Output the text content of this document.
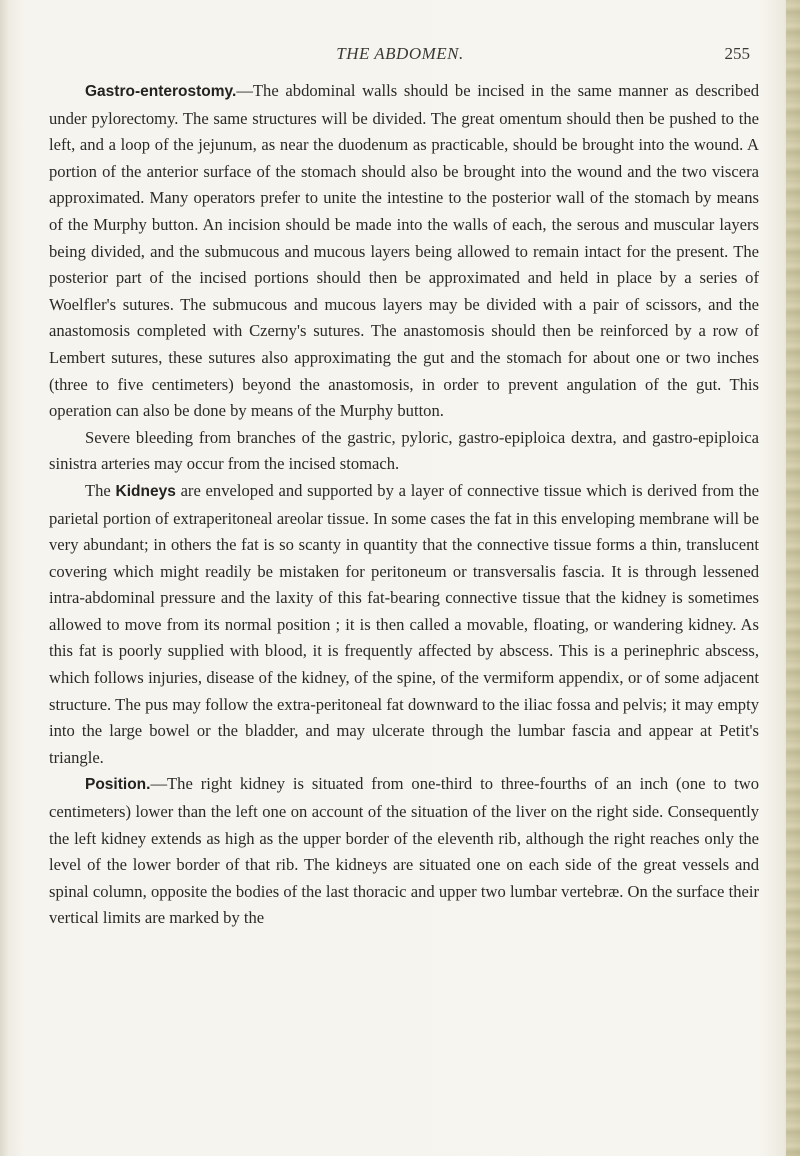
THE ABDOMEN.	255

Gastro-enterostomy.—The abdominal walls should be incised in the same manner as described under pylorectomy. The same structures will be divided. The great omentum should then be pushed to the left, and a loop of the jejunum, as near the duodenum as practicable, should be brought into the wound. A portion of the anterior surface of the stomach should also be brought into the wound and the two viscera approximated. Many operators prefer to unite the intestine to the posterior wall of the stomach by means of the Murphy button. An incision should be made into the walls of each, the serous and muscular layers being divided, and the submucous and mucous layers being allowed to remain intact for the present. The posterior part of the incised portions should then be approximated and held in place by a series of Woelfler's sutures. The submucous and mucous layers may be divided with a pair of scissors, and the anastomosis completed with Czerny's sutures. The anastomosis should then be reinforced by a row of Lembert sutures, these sutures also approximating the gut and the stomach for about one or two inches (three to five centimeters) beyond the anastomosis, in order to prevent angulation of the gut. This operation can also be done by means of the Murphy button.

Severe bleeding from branches of the gastric, pyloric, gastro-epiploica dextra, and gastro-epiploica sinistra arteries may occur from the incised stomach.

The Kidneys are enveloped and supported by a layer of connective tissue which is derived from the parietal portion of extraperitoneal areolar tissue. In some cases the fat in this enveloping membrane will be very abundant; in others the fat is so scanty in quantity that the connective tissue forms a thin, translucent covering which might readily be mistaken for peritoneum or transversalis fascia. It is through lessened intra-abdominal pressure and the laxity of this fat-bearing connective tissue that the kidney is sometimes allowed to move from its normal position ; it is then called a movable, floating, or wandering kidney. As this fat is poorly supplied with blood, it is frequently affected by abscess. This is a perinephric abscess, which follows injuries, disease of the kidney, of the spine, of the vermiform appendix, or of some adjacent structure. The pus may follow the extra-peritoneal fat downward to the iliac fossa and pelvis; it may empty into the large bowel or the bladder, and may ulcerate through the lumbar fascia and appear at Petit's triangle.

Position.—The right kidney is situated from one-third to three-fourths of an inch (one to two centimeters) lower than the left one on account of the situation of the liver on the right side. Consequently the left kidney extends as high as the upper border of the eleventh rib, although the right reaches only the level of the lower border of that rib. The kidneys are situated one on each side of the great vessels and spinal column, opposite the bodies of the last thoracic and upper two lumbar vertebræ. On the surface their vertical limits are marked by the
